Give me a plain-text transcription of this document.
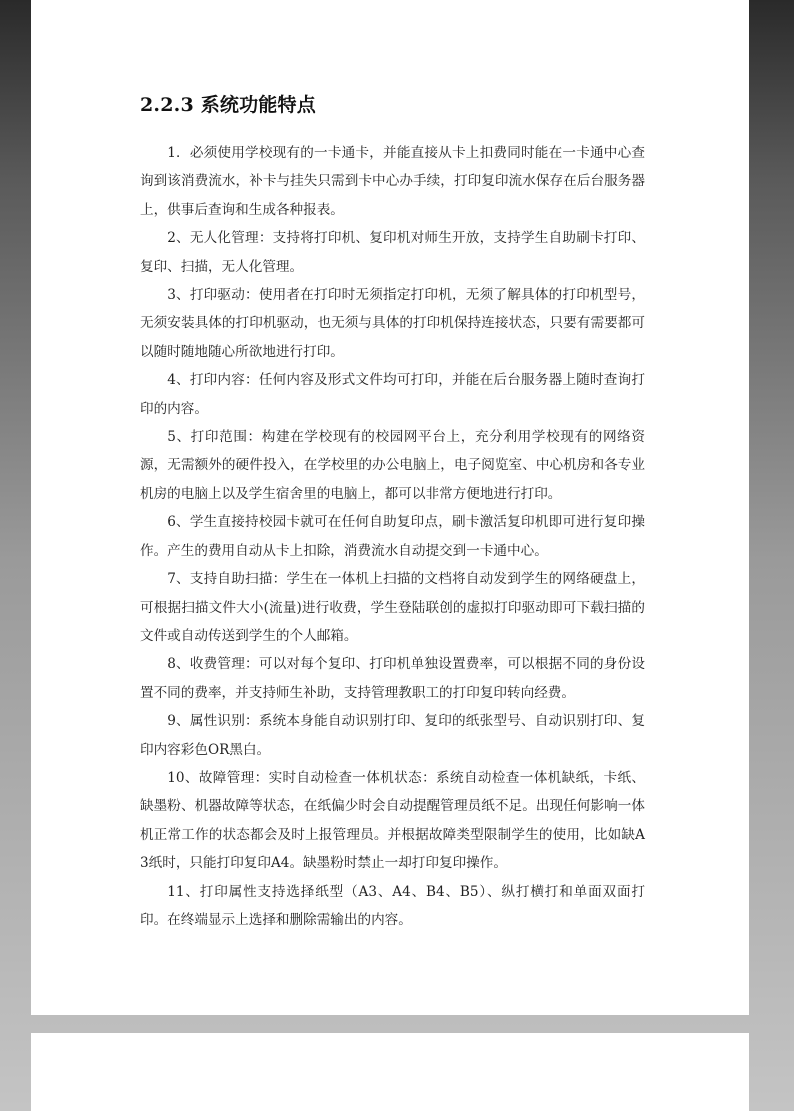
2.2.3 系统功能特点

1．必须使用学校现有的一卡通卡，并能直接从卡上扣费同时能在一卡通中心查询到该消费流水，补卡与挂失只需到卡中心办手续，打印复印流水保存在后台服务器上，供事后查询和生成各种报表。

2、无人化管理：支持将打印机、复印机对师生开放，支持学生自助刷卡打印、复印、扫描，无人化管理。

3、打印驱动：使用者在打印时无须指定打印机，无须了解具体的打印机型号，无须安装具体的打印机驱动，也无须与具体的打印机保持连接状态，只要有需要都可以随时随地随心所欲地进行打印。

4、打印内容：任何内容及形式文件均可打印，并能在后台服务器上随时查询打印的内容。

5、打印范围：构建在学校现有的校园网平台上，充分利用学校现有的网络资源，无需额外的硬件投入，在学校里的办公电脑上，电子阅览室、中心机房和各专业机房的电脑上以及学生宿舍里的电脑上，都可以非常方便地进行打印。

6、学生直接持校园卡就可在任何自助复印点，刷卡激活复印机即可进行复印操作。产生的费用自动从卡上扣除，消费流水自动提交到一卡通中心。

7、支持自助扫描：学生在一体机上扫描的文档将自动发到学生的网络硬盘上，可根据扫描文件大小(流量)进行收费，学生登陆联创的虚拟打印驱动即可下载扫描的文件或自动传送到学生的个人邮箱。

8、收费管理：可以对每个复印、打印机单独设置费率，可以根据不同的身份设置不同的费率，并支持师生补助，支持管理教职工的打印复印转向经费。

9、属性识别：系统本身能自动识别打印、复印的纸张型号、自动识别打印、复印内容彩色OR黑白。

10、故障管理：实时自动检查一体机状态：系统自动检查一体机缺纸，卡纸、缺墨粉、机器故障等状态，在纸偏少时会自动提醒管理员纸不足。出现任何影响一体机正常工作的状态都会及时上报管理员。并根据故障类型限制学生的使用，比如缺A3纸时，只能打印复印A4。缺墨粉时禁止一却打印复印操作。

11、打印属性支持选择纸型（A3、A4、B4、B5）、纵打横打和单面双面打印。在终端显示上选择和删除需输出的内容。
